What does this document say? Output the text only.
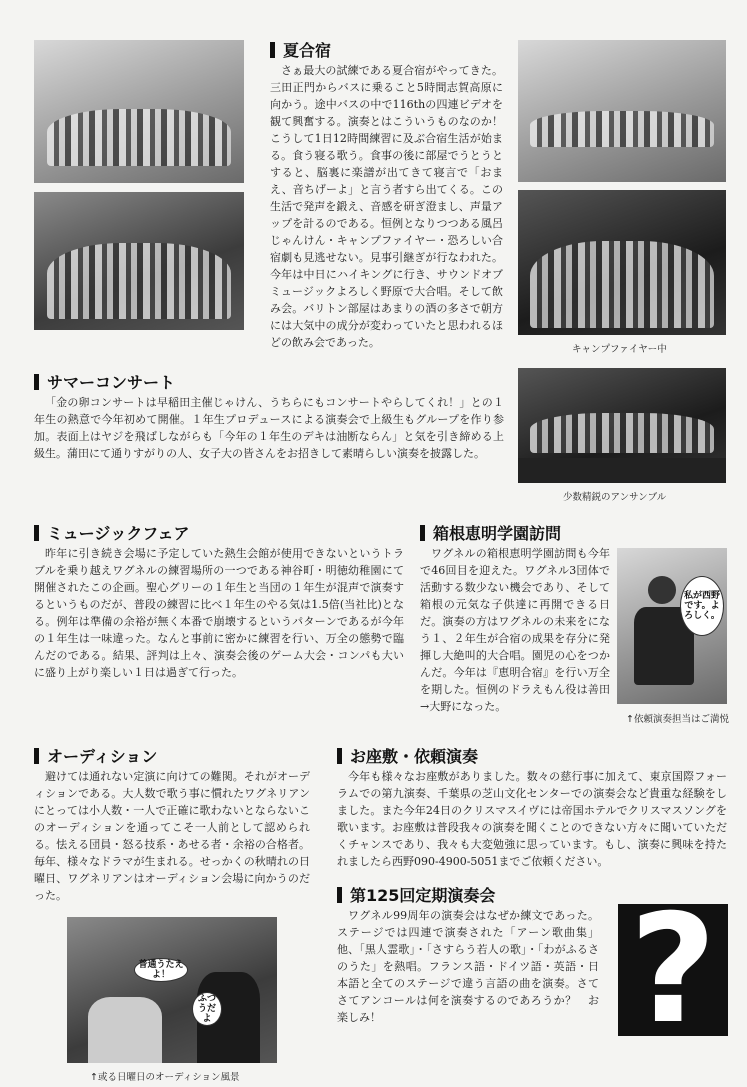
夏合宿

さぁ最大の試練である夏合宿がやってきた。三田正門からバスに乗ること5時間志賀高原に向かう。途中バスの中で116thの四連ビデオを観て興奮する。演奏とはこういうものなのか！こうして1日12時間練習に及ぶ合宿生活が始まる。食う寝る歌う。食事の後に部屋でうとうとすると、脳裏に楽譜が出てきて寝言で「おまえ、音ちげーよ」と言う者すら出てくる。この生活で発声を鍛え、音感を研ぎ澄まし、声量アップを計るのである。恒例となりつつある風呂じゃんけん・キャンプファイヤー・恐ろしい合宿劇も見逃せない。見事引継ぎが行なわれた。今年は中日にハイキングに行き、サウンドオブミュージックよろしく野原で大合唱。そして飲み会。バリトン部屋はあまりの酒の多さで朝方には大気中の成分が変わっていたと思われるほどの飲み会であった。

キャンプファイヤー中
サマーコンサート

「金の卵コンサートは早稲田主催じゃけん、うちらにもコンサートやらしてくれ！」との１年生の熱意で今年初めて開催。１年生プロデュースによる演奏会で上級生もグループを作り参加。表面上はヤジを飛ばしながらも「今年の１年生のデキは油断ならん」と気を引き締める上級生。蒲田にて通りすがりの人、女子大の皆さんをお招きして素晴らしい演奏を披露した。

少数精鋭のアンサンブル
ミュージックフェア

昨年に引き続き会場に予定していた熱生会館が使用できないというトラブルを乗り越えワグネルの練習場所の一つである神谷町・明徳幼稚園にて開催されたこの企画。聖心グリーの１年生と当団の１年生が混声で演奏するというものだが、普段の練習に比べ１年生のやる気は1.5倍(当社比)となる。例年は準備の余裕が無く本番で崩壊するというパターンであるが今年の１年生は一味違った。なんと事前に密かに練習を行い、万全の態勢で臨んだのである。結果、評判は上々、演奏会後のゲーム大会・コンパも大いに盛り上がり楽しい１日は過ぎて行った。

箱根恵明学園訪問

ワグネルの箱根恵明学園訪問も今年で46回目を迎えた。ワグネル3団体で活動する数少ない機会であり、そして箱根の元気な子供達に再開できる日だ。演奏の方はワグネルの未来をになう１、２年生が合宿の成果を存分に発揮し大絶叫的大合唱。園児の心をつかんだ。今年は『恵明合宿』を行い万全を期した。恒例のドラえもん役は善田→大野になった。

私が西野です。よろしく。
↑依頼演奏担当はご満悦
オーディション

避けては通れない定演に向けての難関。それがオーディションである。大人数で歌う事に慣れたワグネリアンにとっては小人数・一人で正確に歌わないとならないこのオーディションを通ってこそ一人前として認められる。怯える団員・怒る技系・あせる者・余裕の合格者。毎年、様々なドラマが生まれる。せっかくの秋晴れの日曜日、ワグネリアンはオーディション会場に向かうのだった。

普通うたえよ！
ふつうだよ
↑或る日曜日のオーディション風景
お座敷・依頼演奏

今年も様々なお座敷がありました。数々の慈行事に加えて、東京国際フォーラムでの第九演奏、千葉県の芝山文化センターでの演奏会など貴重な経験をしました。また今年24日のクリスマスイヴには帝国ホテルでクリスマスソングを歌います。お座敷は普段我々の演奏を聞くことのできない方々に聞いていただくチャンスであり、我々も大変勉強に思っています。もし、演奏に興味を持たれましたら西野090-4900-5051までご依頼ください。

第125回定期演奏会

ワグネル99周年の演奏会はなぜか練文であった。ステージでは四連で演奏された「アーン歌曲集」他、「黒人霊歌」・「さすらう若人の歌」・「わがふるさのうた」を熱唱。フランス語・ドイツ語・英語・日本語と全てのステージで違う言語の曲を演奏。さてさてアンコールは何を演奏するのであろうか？　お楽しみ！	?
